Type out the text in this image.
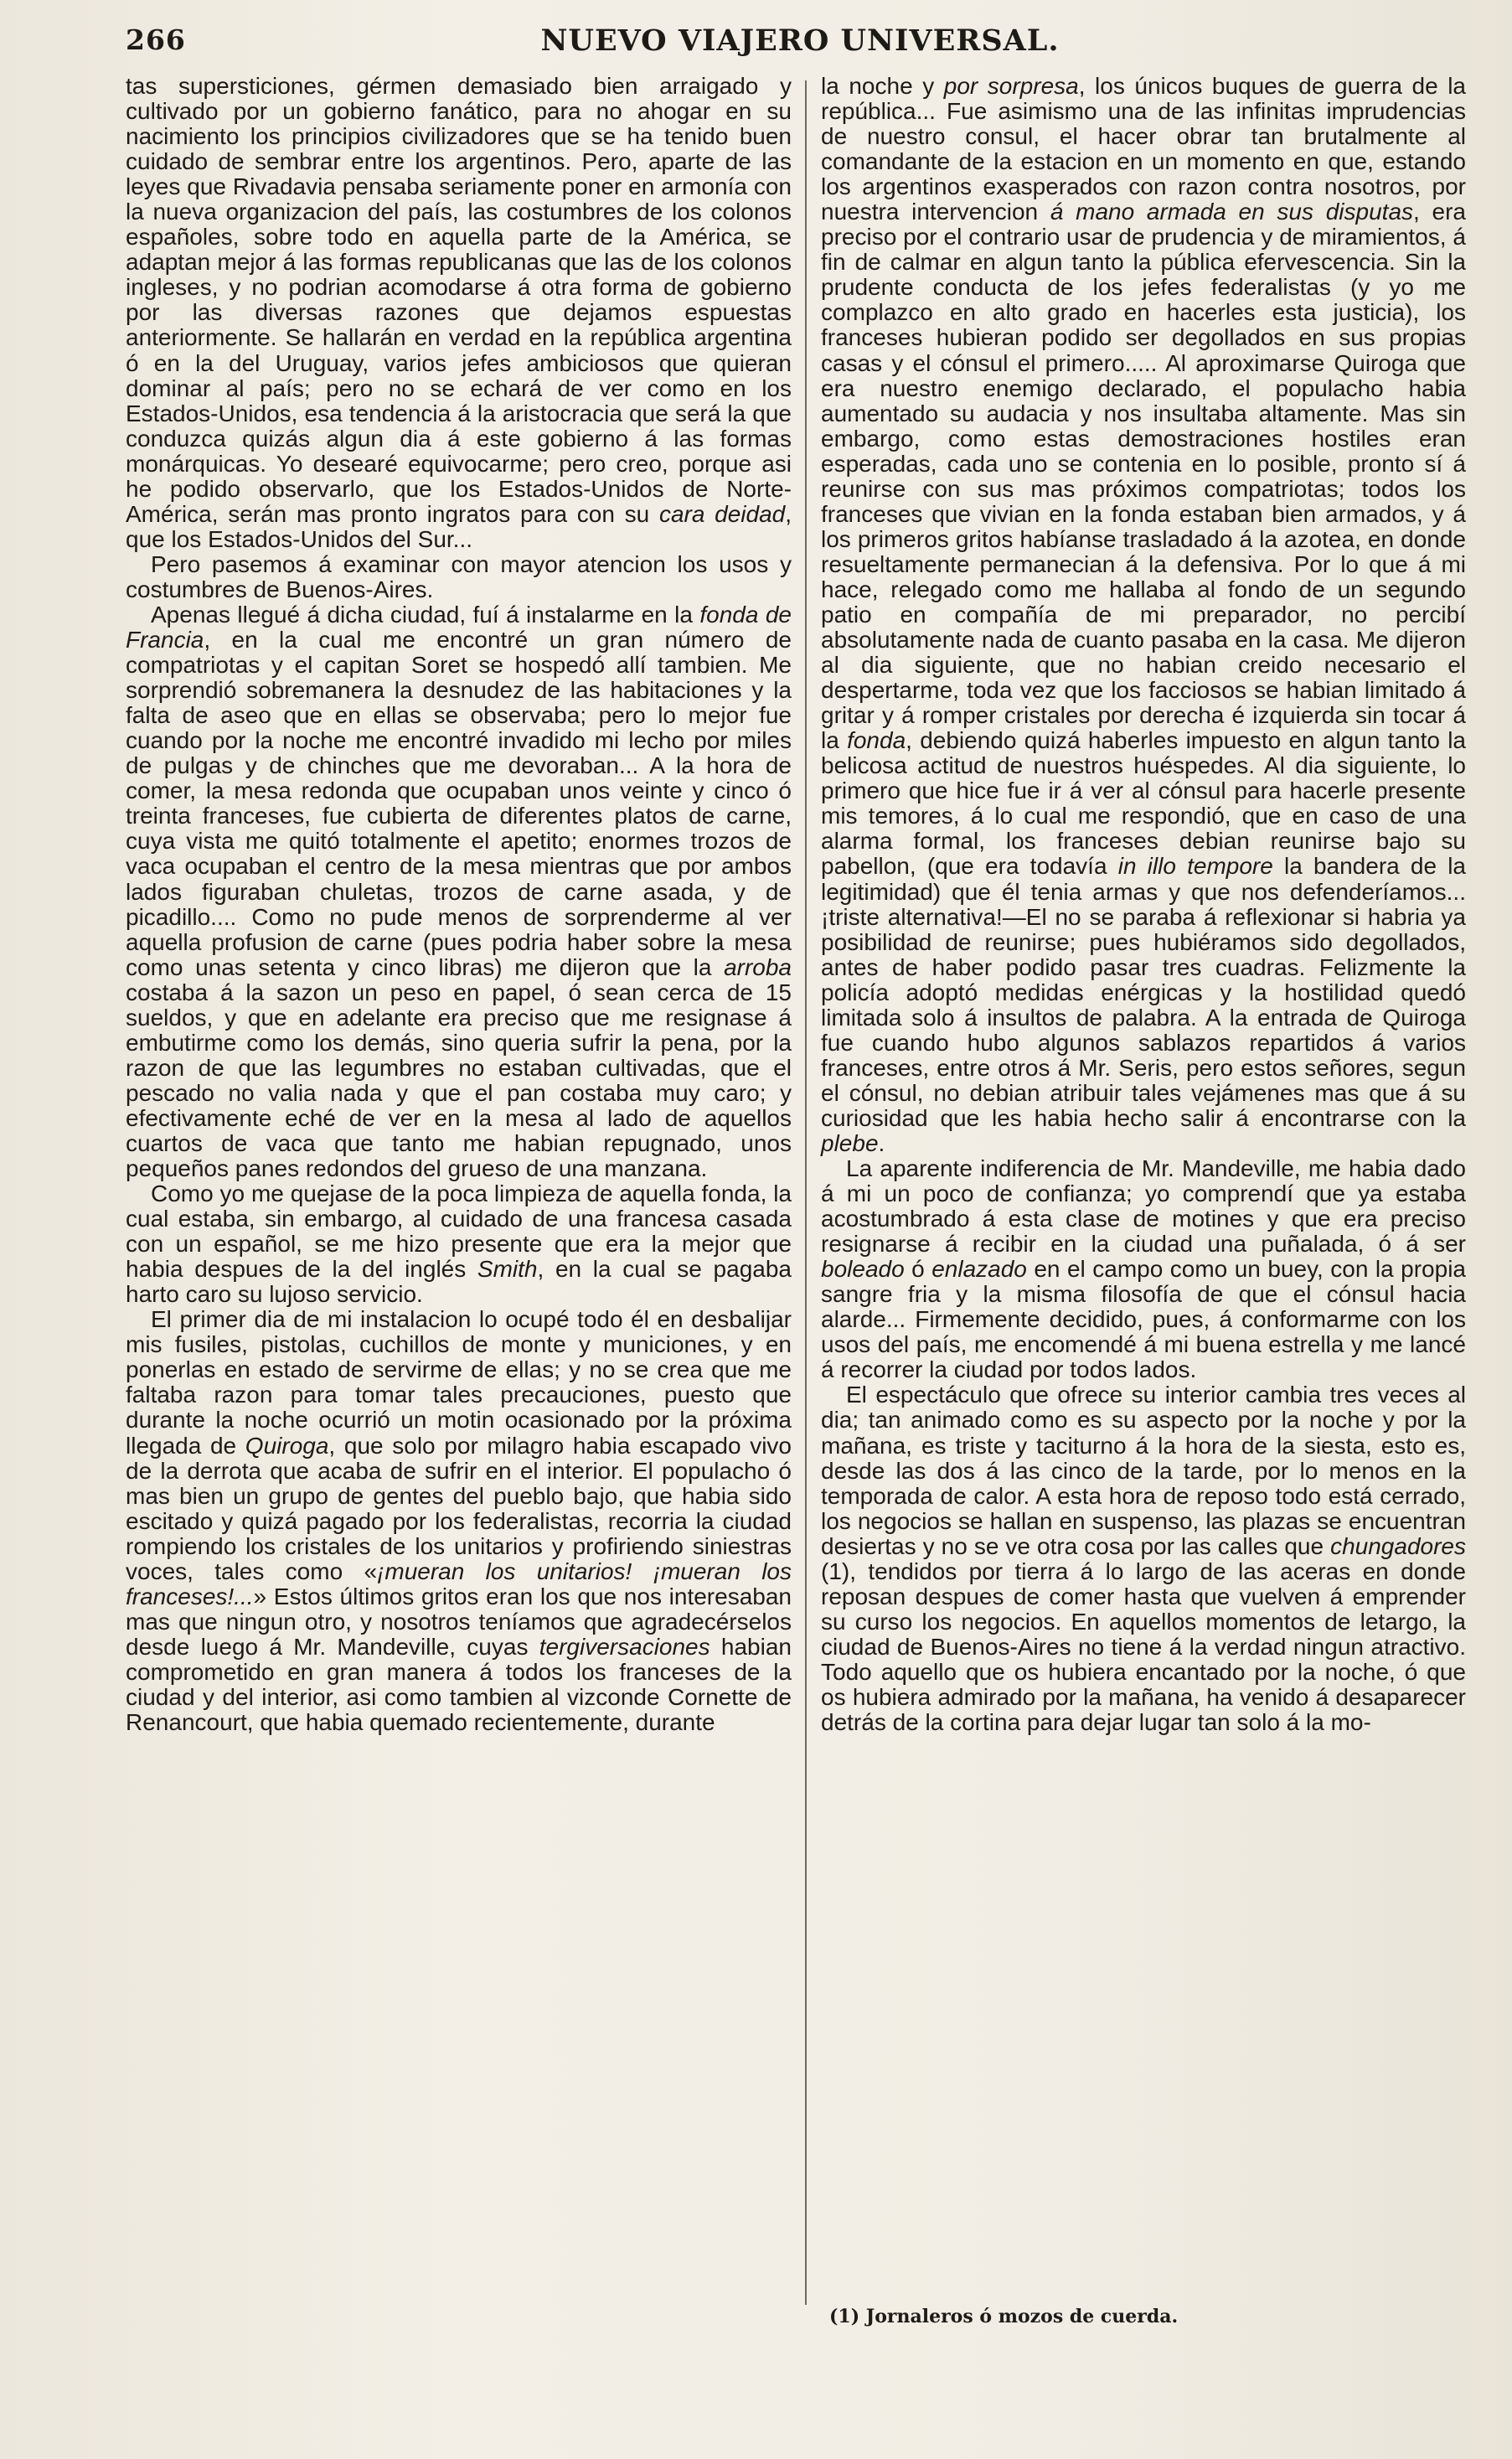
266	NUEVO VIAJERO UNIVERSAL.

tas supersticiones, gérmen demasiado bien arraigado y cultivado por un gobierno fanático, para no ahogar en su nacimiento los principios civilizadores que se ha tenido buen cuidado de sembrar entre los argentinos. Pero, aparte de las leyes que Rivadavia pensaba seriamente poner en armonía con la nueva organizacion del país, las costumbres de los colonos españoles, sobre todo en aquella parte de la América, se adaptan mejor á las formas republicanas que las de los colonos ingleses, y no podrian acomodarse á otra forma de gobierno por las diversas razones que dejamos espuestas anteriormente. Se hallarán en verdad en la república argentina ó en la del Uruguay, varios jefes ambiciosos que quieran dominar al país; pero no se echará de ver como en los Estados-Unidos, esa tendencia á la aristocracia que será la que conduzca quizás algun dia á este gobierno á las formas monárquicas. Yo desearé equivocarme; pero creo, porque asi he podido observarlo, que los Estados-Unidos de Norte-América, serán mas pronto ingratos para con su cara deidad, que los Estados-Unidos del Sur...

Pero pasemos á examinar con mayor atencion los usos y costumbres de Buenos-Aires.

Apenas llegué á dicha ciudad, fuí á instalarme en la fonda de Francia, en la cual me encontré un gran número de compatriotas y el capitan Soret se hospedó allí tambien. Me sorprendió sobremanera la desnudez de las habitaciones y la falta de aseo que en ellas se observaba; pero lo mejor fue cuando por la noche me encontré invadido mi lecho por miles de pulgas y de chinches que me devoraban... A la hora de comer, la mesa redonda que ocupaban unos veinte y cinco ó treinta franceses, fue cubierta de diferentes platos de carne, cuya vista me quitó totalmente el apetito; enormes trozos de vaca ocupaban el centro de la mesa mientras que por ambos lados figuraban chuletas, trozos de carne asada, y de picadillo.... Como no pude menos de sorprenderme al ver aquella profusion de carne (pues podria haber sobre la mesa como unas setenta y cinco libras) me dijeron que la arroba costaba á la sazon un peso en papel, ó sean cerca de 15 sueldos, y que en adelante era preciso que me resignase á embutirme como los demás, sino queria sufrir la pena, por la razon de que las legumbres no estaban cultivadas, que el pescado no valia nada y que el pan costaba muy caro; y efectivamente eché de ver en la mesa al lado de aquellos cuartos de vaca que tanto me habian repugnado, unos pequeños panes redondos del grueso de una manzana.

Como yo me quejase de la poca limpieza de aquella fonda, la cual estaba, sin embargo, al cuidado de una francesa casada con un español, se me hizo presente que era la mejor que habia despues de la del inglés Smith, en la cual se pagaba harto caro su lujoso servicio.

El primer dia de mi instalacion lo ocupé todo él en desbalijar mis fusiles, pistolas, cuchillos de monte y municiones, y en ponerlas en estado de servirme de ellas; y no se crea que me faltaba razon para tomar tales precauciones, puesto que durante la noche ocurrió un motin ocasionado por la próxima llegada de Quiroga, que solo por milagro habia escapado vivo de la derrota que acaba de sufrir en el interior. El populacho ó mas bien un grupo de gentes del pueblo bajo, que habia sido escitado y quizá pagado por los federalistas, recorria la ciudad rompiendo los cristales de los unitarios y profiriendo siniestras voces, tales como «¡mueran los unitarios! ¡mueran los franceses!...» Estos últimos gritos eran los que nos interesaban mas que ningun otro, y nosotros teníamos que agradecérselos desde luego á Mr. Mandeville, cuyas tergiversaciones habian comprometido en gran manera á todos los franceses de la ciudad y del interior, asi como tambien al vizconde Cornette de Renancourt, que habia quemado recientemente, durante

la noche y por sorpresa, los únicos buques de guerra de la república... Fue asimismo una de las infinitas imprudencias de nuestro consul, el hacer obrar tan brutalmente al comandante de la estacion en un momento en que, estando los argentinos exasperados con razon contra nosotros, por nuestra intervencion á mano armada en sus disputas, era preciso por el contrario usar de prudencia y de miramientos, á fin de calmar en algun tanto la pública efervescencia. Sin la prudente conducta de los jefes federalistas (y yo me complazco en alto grado en hacerles esta justicia), los franceses hubieran podido ser degollados en sus propias casas y el cónsul el primero..... Al aproximarse Quiroga que era nuestro enemigo declarado, el populacho habia aumentado su audacia y nos insultaba altamente. Mas sin embargo, como estas demostraciones hostiles eran esperadas, cada uno se contenia en lo posible, pronto sí á reunirse con sus mas próximos compatriotas; todos los franceses que vivian en la fonda estaban bien armados, y á los primeros gritos habíanse trasladado á la azotea, en donde resueltamente permanecian á la defensiva. Por lo que á mi hace, relegado como me hallaba al fondo de un segundo patio en compañía de mi preparador, no percibí absolutamente nada de cuanto pasaba en la casa. Me dijeron al dia siguiente, que no habian creido necesario el despertarme, toda vez que los facciosos se habian limitado á gritar y á romper cristales por derecha é izquierda sin tocar á la fonda, debiendo quizá haberles impuesto en algun tanto la belicosa actitud de nuestros huéspedes. Al dia siguiente, lo primero que hice fue ir á ver al cónsul para hacerle presente mis temores, á lo cual me respondió, que en caso de una alarma formal, los franceses debian reunirse bajo su pabellon, (que era todavía in illo tempore la bandera de la legitimidad) que él tenia armas y que nos defenderíamos... ¡triste alternativa!—El no se paraba á reflexionar si habria ya posibilidad de reunirse; pues hubiéramos sido degollados, antes de haber podido pasar tres cuadras. Felizmente la policía adoptó medidas enérgicas y la hostilidad quedó limitada solo á insultos de palabra. A la entrada de Quiroga fue cuando hubo algunos sablazos repartidos á varios franceses, entre otros á Mr. Seris, pero estos señores, segun el cónsul, no debian atribuir tales vejámenes mas que á su curiosidad que les habia hecho salir á encontrarse con la plebe.

La aparente indiferencia de Mr. Mandeville, me habia dado á mi un poco de confianza; yo comprendí que ya estaba acostumbrado á esta clase de motines y que era preciso resignarse á recibir en la ciudad una puñalada, ó á ser boleado ó enlazado en el campo como un buey, con la propia sangre fria y la misma filosofía de que el cónsul hacia alarde... Firmemente decidido, pues, á conformarme con los usos del país, me encomendé á mi buena estrella y me lancé á recorrer la ciudad por todos lados.

El espectáculo que ofrece su interior cambia tres veces al dia; tan animado como es su aspecto por la noche y por la mañana, es triste y taciturno á la hora de la siesta, esto es, desde las dos á las cinco de la tarde, por lo menos en la temporada de calor. A esta hora de reposo todo está cerrado, los negocios se hallan en suspenso, las plazas se encuentran desiertas y no se ve otra cosa por las calles que chungadores (1), tendidos por tierra á lo largo de las aceras en donde reposan despues de comer hasta que vuelven á emprender su curso los negocios. En aquellos momentos de letargo, la ciudad de Buenos-Aires no tiene á la verdad ningun atractivo. Todo aquello que os hubiera encantado por la noche, ó que os hubiera admirado por la mañana, ha venido á desaparecer detrás de la cortina para dejar lugar tan solo á la mo-

(1) Jornaleros ó mozos de cuerda.
